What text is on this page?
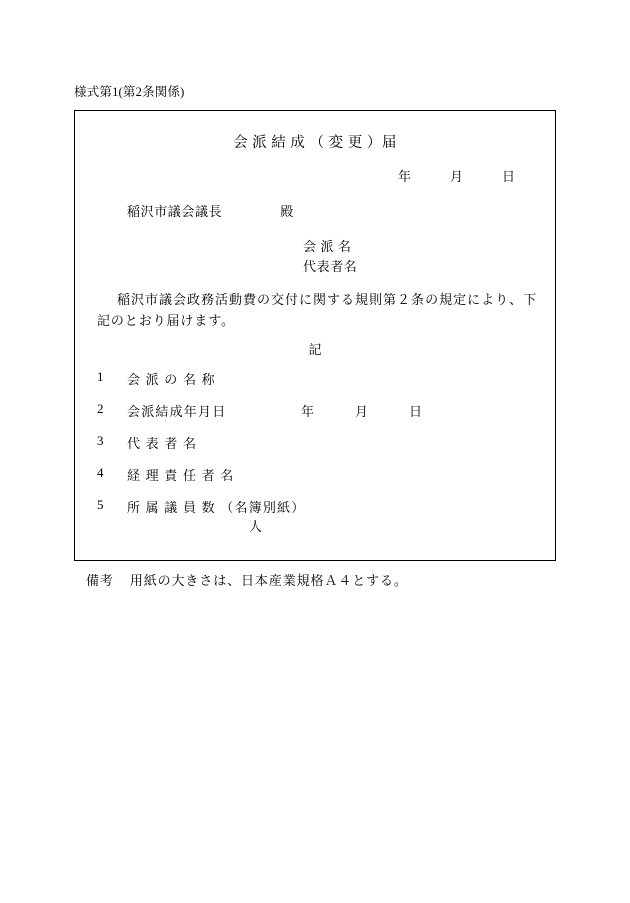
様式第1(第2条関係)
会 派 結 成 （ 変 更 ）届
年　　　月　　　日
稲沢市議会議長	殿
会 派 名
代表者名
稲沢市議会政務活動費の交付に関する規則第２条の規定により、下記のとおり届けます。
記
1 会 派 の 名 称
2 会派結成年月日	年　　　月　　　日
3 代 表 者 名
4 経 理 責 任 者 名
5 所 属 議 員 数 （名簿別紙）
人
備考 用紙の大きさは、日本産業規格Ａ４とする。
